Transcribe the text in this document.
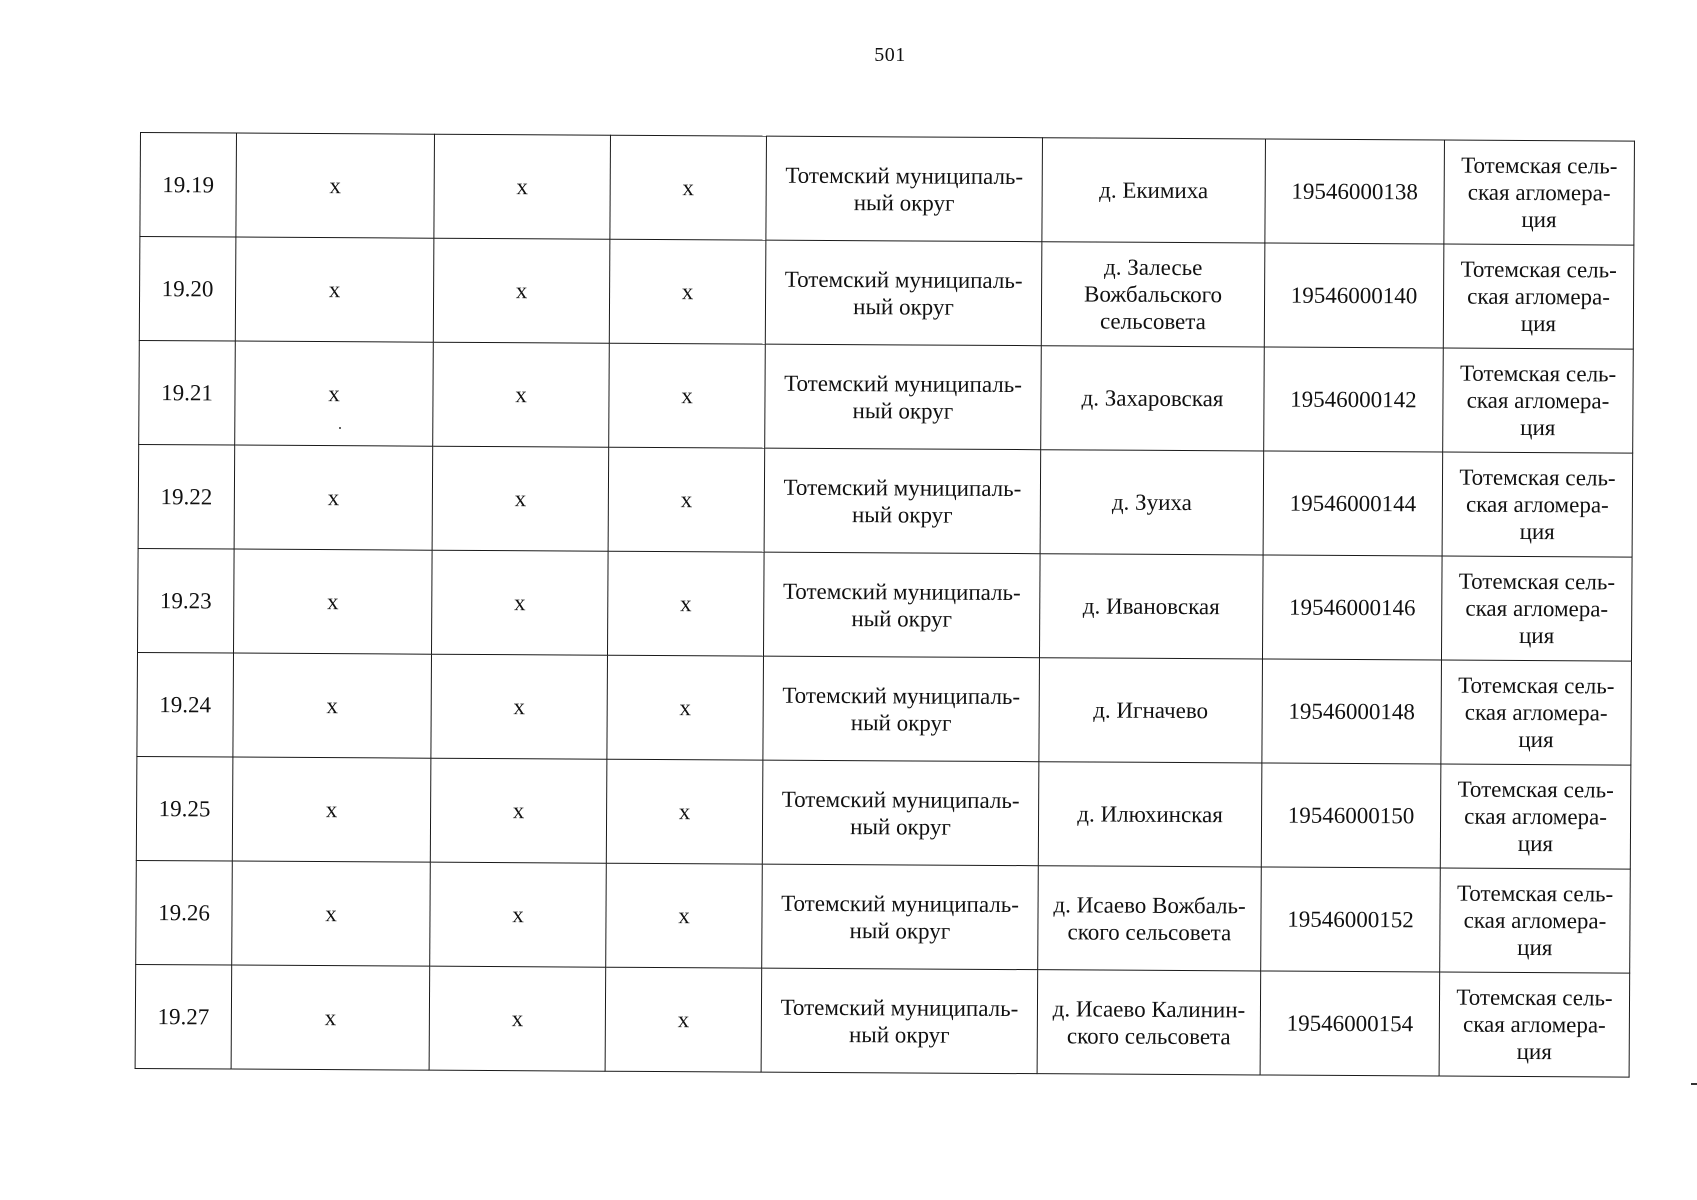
501
19.19	х	х	х	Тотемский муниципаль-
ный округ	д. Екимиха	19546000138	Тотемская сель-
ская агломера-
ция
19.20	х	х	х	Тотемский муниципаль-
ный округ	д. Залесье
Вожбальского
сельсовета	19546000140	Тотемская сель-
ская агломера-
ция
19.21	х	х	х	Тотемский муниципаль-
ный округ	д. Захаровская	19546000142	Тотемская сель-
ская агломера-
ция
19.22	х	х	х	Тотемский муниципаль-
ный округ	д. Зуиха	19546000144	Тотемская сель-
ская агломера-
ция
19.23	х	х	х	Тотемский муниципаль-
ный округ	д. Ивановская	19546000146	Тотемская сель-
ская агломера-
ция
19.24	х	х	х	Тотемский муниципаль-
ный округ	д. Игначево	19546000148	Тотемская сель-
ская агломера-
ция
19.25	х	х	х	Тотемский муниципаль-
ный округ	д. Илюхинская	19546000150	Тотемская сель-
ская агломера-
ция
19.26	х	х	х	Тотемский муниципаль-
ный округ	д. Исаево Вожбаль-
ского сельсовета	19546000152	Тотемская сель-
ская агломера-
ция
19.27	х	х	х	Тотемский муниципаль-
ный округ	д. Исаево Калинин-
ского сельсовета	19546000154	Тотемская сель-
ская агломера-
ция
